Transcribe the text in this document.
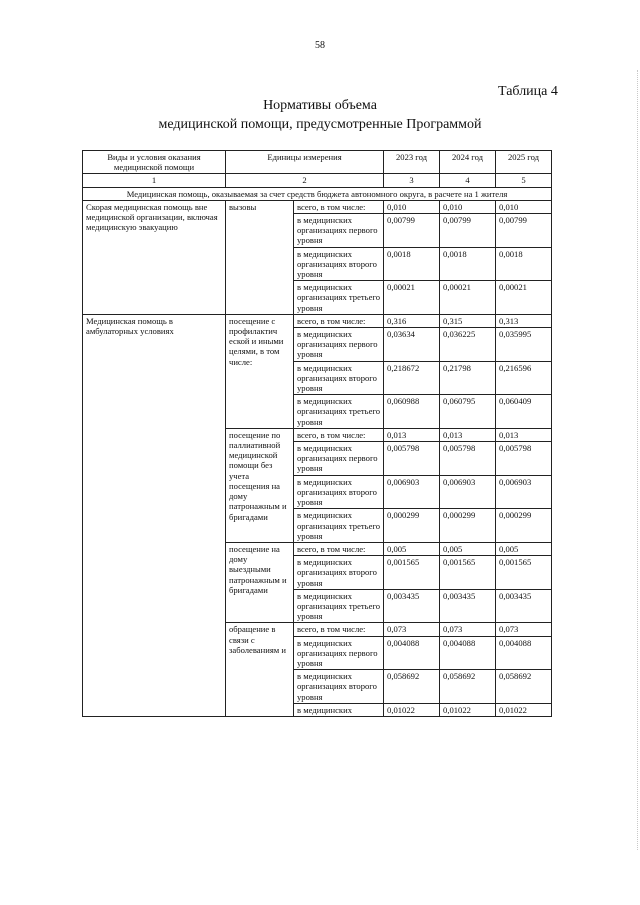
58
Таблица 4
Нормативы объема
медицинской помощи, предусмотренные Программой
Виды и условия оказания медицинской помощи	Единицы измерения		2023 год	2024 год	2025 год
1	2		3	4	5
Медицинская помощь, оказываемая за счет средств бюджета автономного округа, в расчете на 1 жителя					
Скорая медицинская помощь вне медицинской организации, включая медицинскую эвакуацию	вызовы	всего, в том числе:	0,010	0,010	0,010
		в медицинских организациях первого уровня	0,00799	0,00799	0,00799
		в медицинских организациях второго уровня	0,0018	0,0018	0,0018
		в медицинских организациях третьего уровня	0,00021	0,00021	0,00021
Медицинская помощь в амбулаторных условиях	посещение с профилактич еской и иными целями, в том числе:	всего, в том числе:	0,316	0,315	0,313
		в медицинских организациях первого уровня	0,03634	0,036225	0,035995
		в медицинских организациях второго уровня	0,218672	0,21798	0,216596
		в медицинских организациях третьего уровня	0,060988	0,060795	0,060409
	посещение по паллиативной медицинской помощи без учета посещения на дому патронажным и бригадами	всего, в том числе:	0,013	0,013	0,013
		в медицинских организациях первого уровня	0,005798	0,005798	0,005798
		в медицинских организациях второго уровня	0,006903	0,006903	0,006903
		в медицинских организациях третьего уровня	0,000299	0,000299	0,000299
	посещение на дому выездными патронажным и бригадами	всего, в том числе:	0,005	0,005	0,005
		в медицинских организациях второго уровня	0,001565	0,001565	0,001565
		в медицинских организациях третьего уровня	0,003435	0,003435	0,003435
	обращение в связи с заболеваниям и	всего, в том числе:	0,073	0,073	0,073
		в медицинских организациях первого уровня	0,004088	0,004088	0,004088
		в медицинских организациях второго уровня	0,058692	0,058692	0,058692
		в медицинских	0,01022	0,01022	0,01022
